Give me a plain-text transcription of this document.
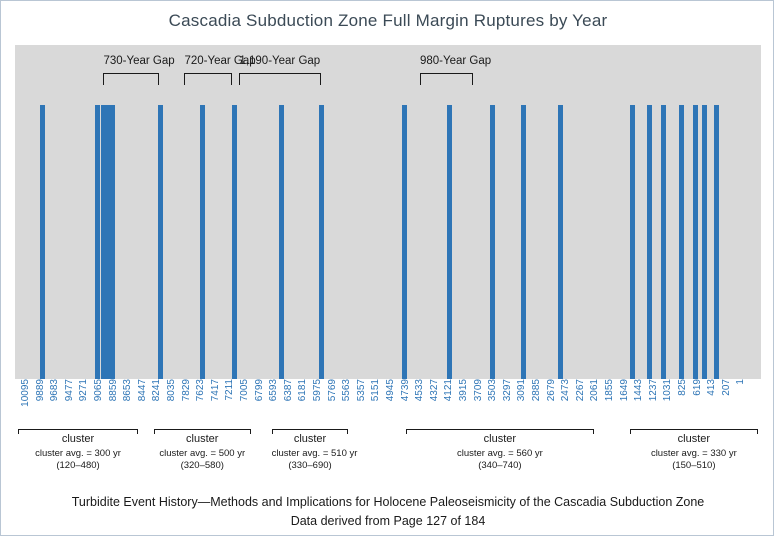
Cascadia Subduction Zone Full Margin Ruptures by Year
730-Year Gap 720-Year Gap
1,190-Year Gap	980-Year Gap
10095 9889 9683 9477 9271 9065 8859 8653 8447 8241 8035 7829 7623 7417 7211 7005 6799 6593 6387 6181 5975 5769 5563 5357 5151 4945 4739 4533 4327 4121 3915 3709 3503 3297 3091 2885 2679 2473 2267 2061 1855 1649 1443 1237 1031 825 619 413 207 1
cluster
cluster avg. = 300 yr
(120–480)
cluster
cluster avg. = 500 yr
(320–580)
cluster
cluster avg. = 510 yr
(330–690)
cluster
cluster avg. = 560 yr
(340–740)
cluster
cluster avg. = 330 yr
(150–510)
Turbidite Event History—Methods and Implications for Holocene Paleoseismicity of the Cascadia Subduction Zone
Data derived from Page 127 of 184
